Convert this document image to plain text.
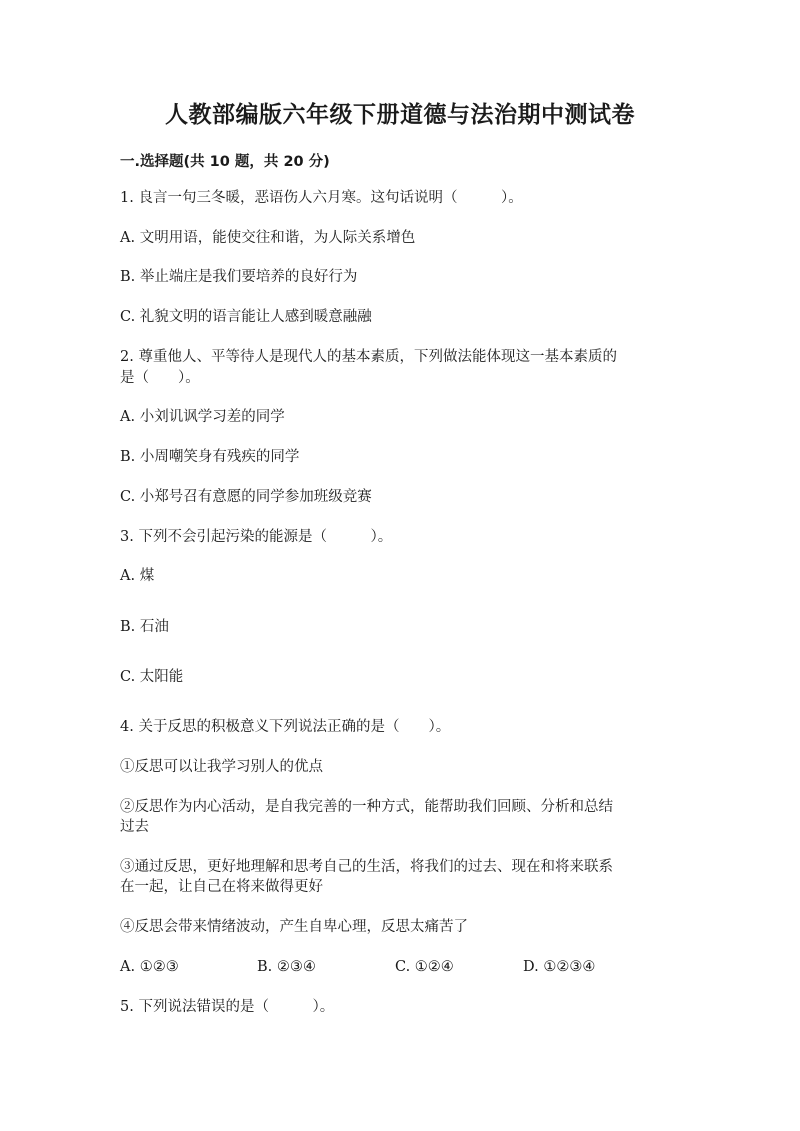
人教部编版六年级下册道德与法治期中测试卷
一.选择题(共 10 题，共 20 分)
1. 良言一句三冬暖，恶语伤人六月寒。这句话说明（　　　）。
A. 文明用语，能使交往和谐，为人际关系增色
B. 举止端庄是我们要培养的良好行为
C. 礼貌文明的语言能让人感到暖意融融
2. 尊重他人、平等待人是现代人的基本素质，下列做法能体现这一基本素质的
是（　　）。
A. 小刘讥讽学习差的同学
B. 小周嘲笑身有残疾的同学
C. 小郑号召有意愿的同学参加班级竞赛
3. 下列不会引起污染的能源是（　　　）。
A. 煤
B. 石油
C. 太阳能
4. 关于反思的积极意义下列说法正确的是（　　）。
①反思可以让我学习别人的优点
②反思作为内心活动，是自我完善的一种方式，能帮助我们回顾、分析和总结
过去
③通过反思，更好地理解和思考自己的生活，将我们的过去、现在和将来联系
在一起，让自己在将来做得更好
④反思会带来情绪波动，产生自卑心理，反思太痛苦了
A. ①②③	B. ②③④	C. ①②④	D. ①②③④
5. 下列说法错误的是（　　　）。
